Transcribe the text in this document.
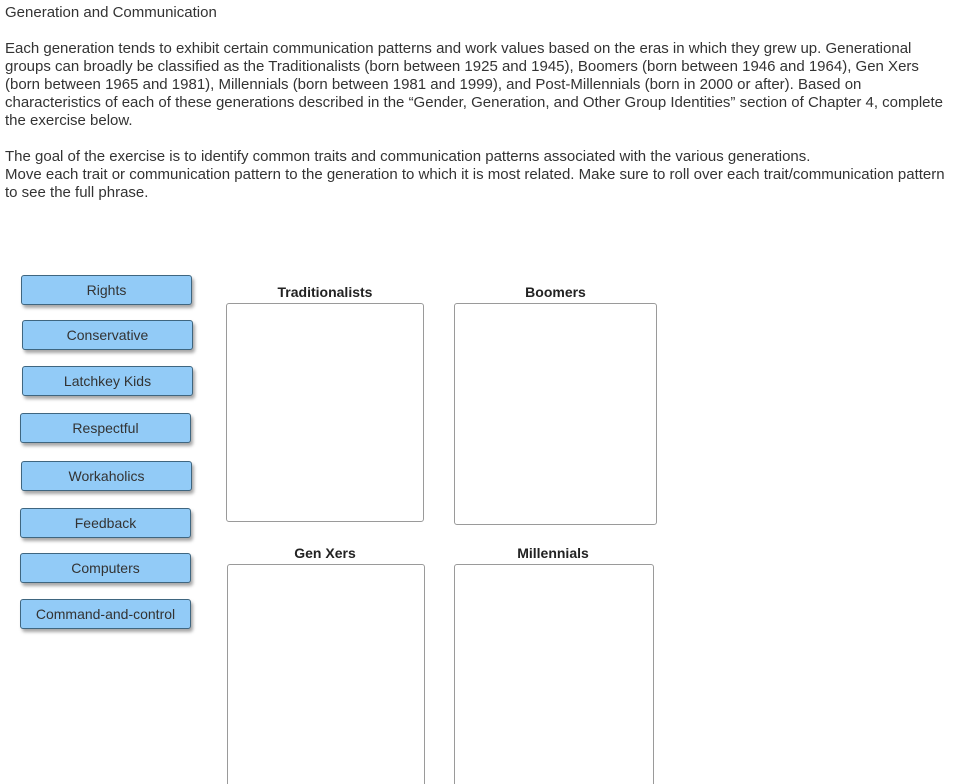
Generation and Communication

Each generation tends to exhibit certain communication patterns and work values based on the eras in which they grew up. Generational groups can broadly be classified as the Traditionalists (born between 1925 and 1945), Boomers (born between 1946 and 1964), Gen Xers (born between 1965 and 1981), Millennials (born between 1981 and 1999), and Post-Millennials (born in 2000 or after). Based on characteristics of each of these generations described in the “Gender, Generation, and Other Group Identities” section of Chapter 4, complete the exercise below.

The goal of the exercise is to identify common traits and communication patterns associated with the various generations.
Move each trait or communication pattern to the generation to which it is most related. Make sure to roll over each trait/communication pattern to see the full phrase.
Rights
Conservative
Latchkey Kids
Respectful
Workaholics
Feedback
Computers
Command-and-control
Traditionalists	Boomers
Gen Xers	Millennials
